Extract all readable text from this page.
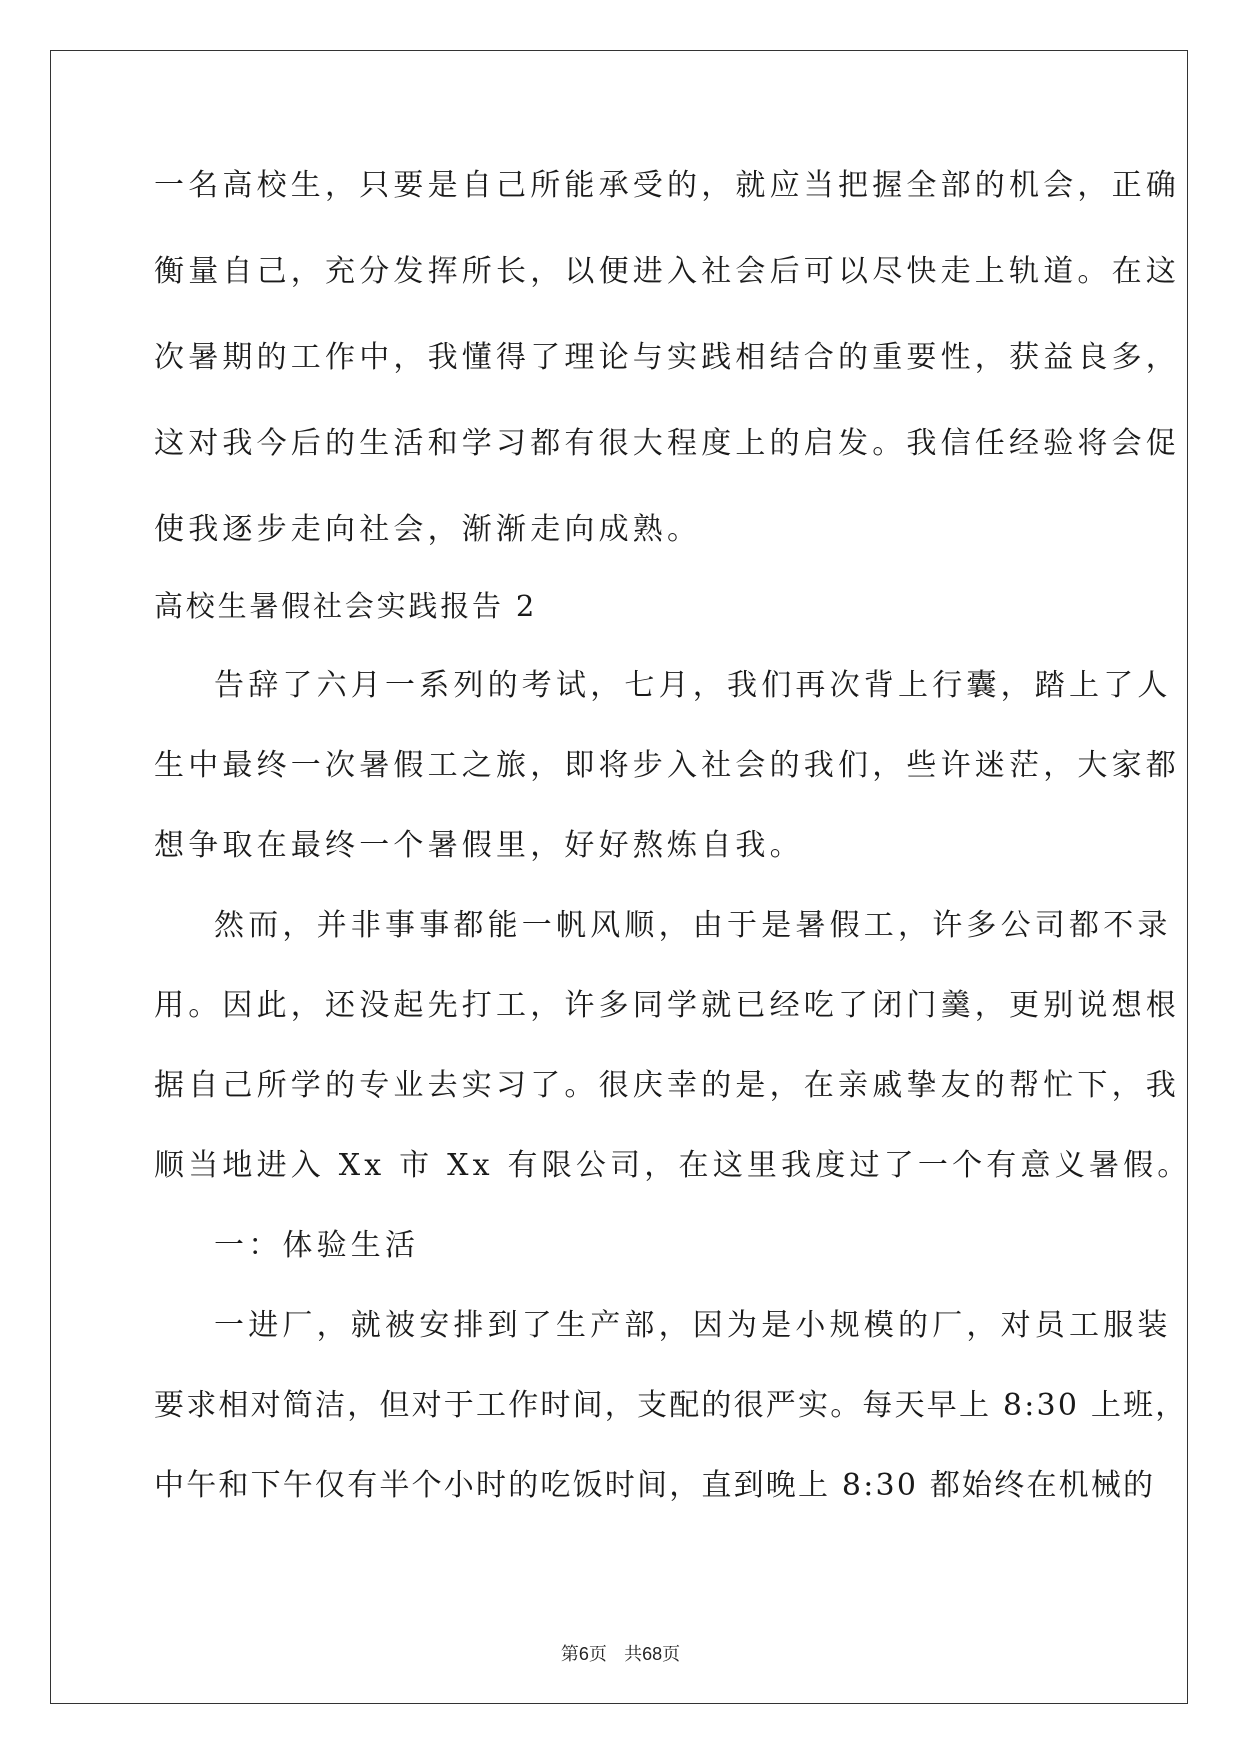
一名高校生，只要是自己所能承受的，就应当把握全部的机会，正确
衡量自己，充分发挥所长，以便进入社会后可以尽快走上轨道。在这
次暑期的工作中，我懂得了理论与实践相结合的重要性，获益良多，
这对我今后的生活和学习都有很大程度上的启发。我信任经验将会促
使我逐步走向社会，渐渐走向成熟。
高校生暑假社会实践报告 2
告辞了六月一系列的考试，七月，我们再次背上行囊，踏上了人
生中最终一次暑假工之旅，即将步入社会的我们，些许迷茫，大家都
想争取在最终一个暑假里，好好熬炼自我。
然而，并非事事都能一帆风顺，由于是暑假工，许多公司都不录
用。因此，还没起先打工，许多同学就已经吃了闭门羹，更别说想根
据自己所学的专业去实习了。很庆幸的是，在亲戚挚友的帮忙下，我
顺当地进入 Xx 市 Xx 有限公司，在这里我度过了一个有意义暑假。
一：体验生活
一进厂，就被安排到了生产部，因为是小规模的厂，对员工服装
要求相对简洁，但对于工作时间，支配的很严实。每天早上 8:30 上班，
中午和下午仅有半个小时的吃饭时间，直到晚上 8:30 都始终在机械的
第6页 共68页
